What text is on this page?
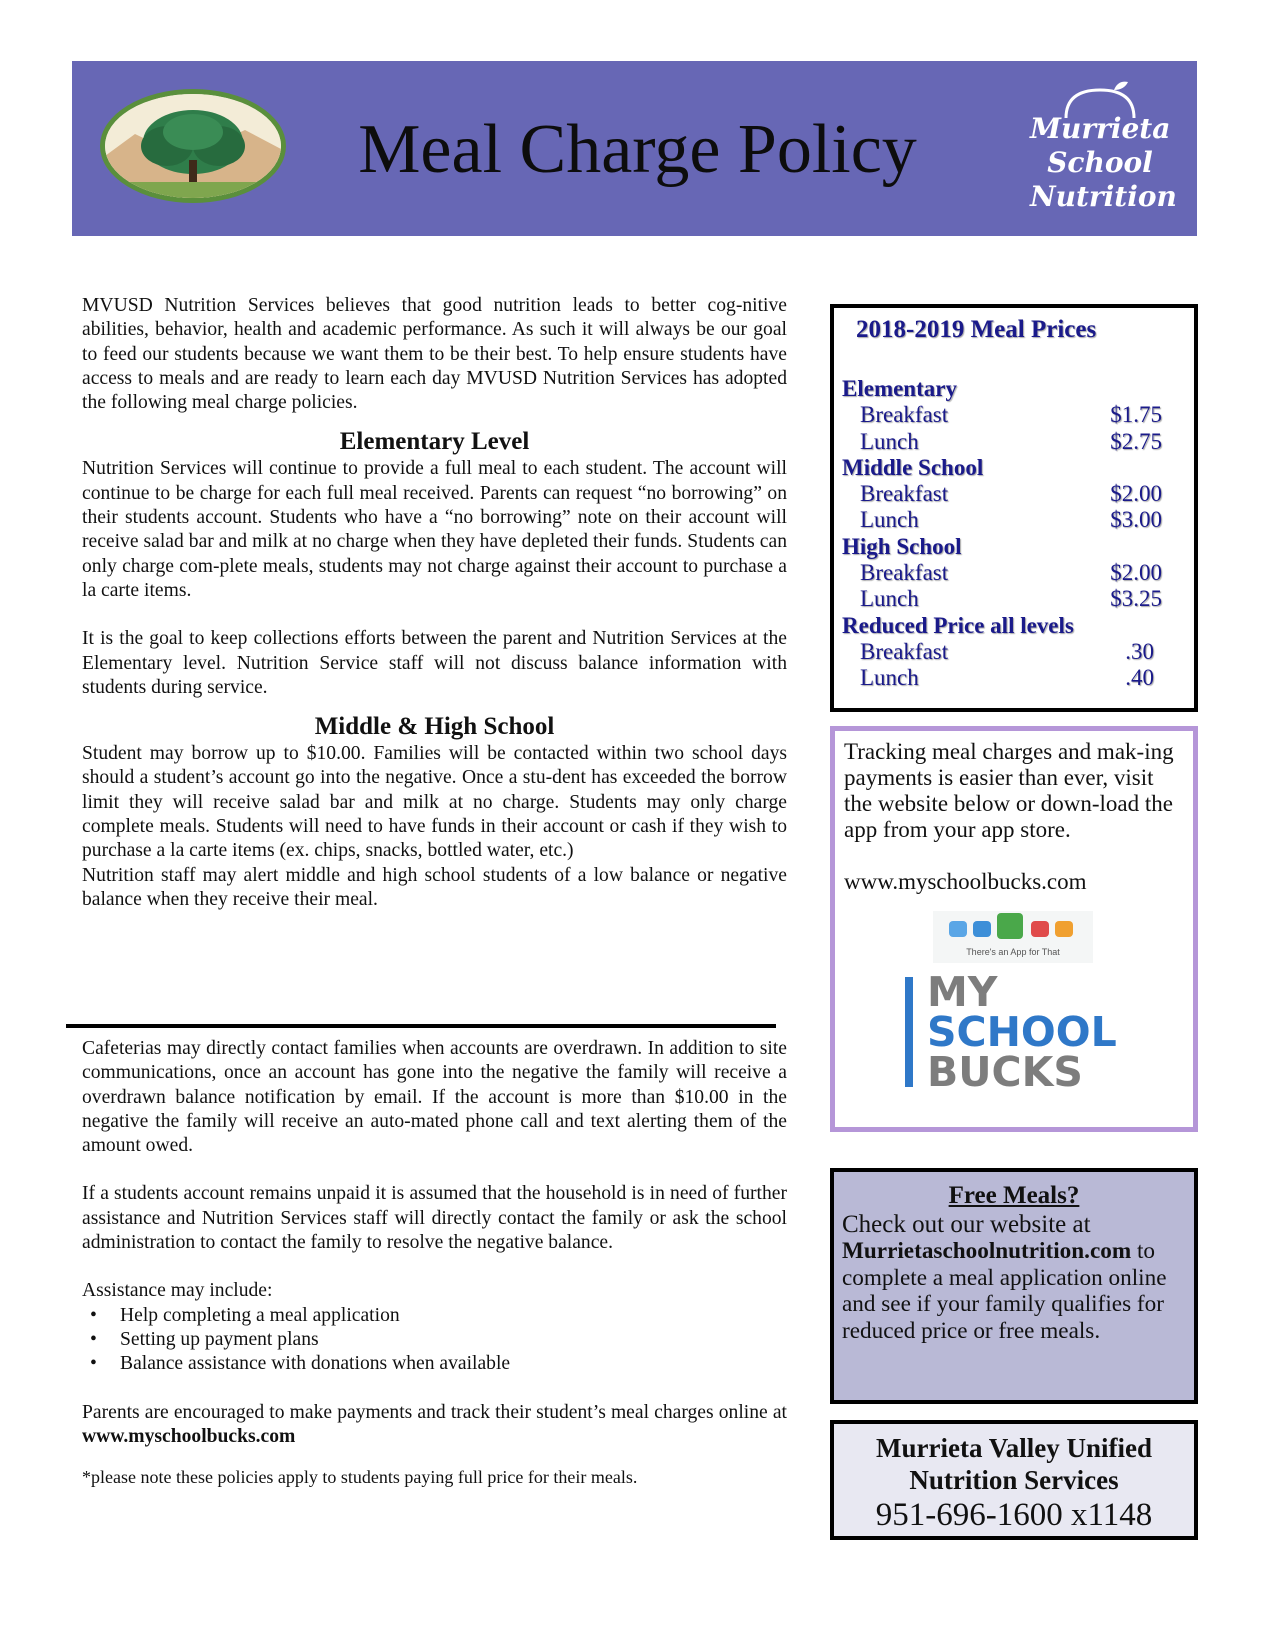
Meal Charge Policy	Murrieta
School
Nutrition

MVUSD Nutrition Services believes that good nutrition leads to better cog-nitive abilities, behavior, health and academic performance. As such it will always be our goal to feed our students because we want them to be their best. To help ensure students have access to meals and are ready to learn each day MVUSD Nutrition Services has adopted the following meal charge policies.

Elementary Level

Nutrition Services will continue to provide a full meal to each student. The account will continue to be charge for each full meal received. Parents can request “no borrowing” on their students account. Students who have a “no borrowing” note on their account will receive salad bar and milk at no charge when they have depleted their funds. Students can only charge com-plete meals, students may not charge against their account to purchase a la carte items.

It is the goal to keep collections efforts between the parent and Nutrition Services at the Elementary level. Nutrition Service staff will not discuss balance information with students during service.

Middle & High School

Student may borrow up to $10.00. Families will be contacted within two school days should a student’s account go into the negative. Once a stu-dent has exceeded the borrow limit they will receive salad bar and milk at no charge. Students may only charge complete meals. Students will need to have funds in their account or cash if they wish to purchase a la carte items (ex. chips, snacks, bottled water, etc.)

Nutrition staff may alert middle and high school students of a low balance or negative balance when they receive their meal.

Cafeterias may directly contact families when accounts are overdrawn. In addition to site communications, once an account has gone into the negative the family will receive a overdrawn balance notification by email. If the account is more than $10.00 in the negative the family will receive an auto-mated phone call and text alerting them of the amount owed.

If a students account remains unpaid it is assumed that the household is in need of further assistance and Nutrition Services staff will directly contact the family or ask the school administration to contact the family to resolve the negative balance.

Assistance may include:

• Help completing a meal application
• Setting up payment plans
• Balance assistance with donations when available

Parents are encouraged to make payments and track their student’s meal charges online at www.myschoolbucks.com

*please note these policies apply to students paying full price for their meals.

2018-2019 Meal Prices
Elementary
Breakfast	$1.75
Lunch	$2.75
Middle School
Breakfast	$2.00
Lunch	$3.00
High School
Breakfast	$2.00
Lunch	$3.25
Reduced Price all levels
Breakfast	.30
Lunch	.40
Tracking meal charges and mak-ing payments is easier than ever, visit the website below or down-load the app from your app store.
www.myschoolbucks.com
There's an App for That
MY
SCHOOL
BUCKS
Free Meals?
Check out our website at
Murrietaschoolnutrition.com to complete a meal application online and see if your family qualifies for reduced price or free meals.
Murrieta Valley Unified
Nutrition Services
951-696-1600 x1148
